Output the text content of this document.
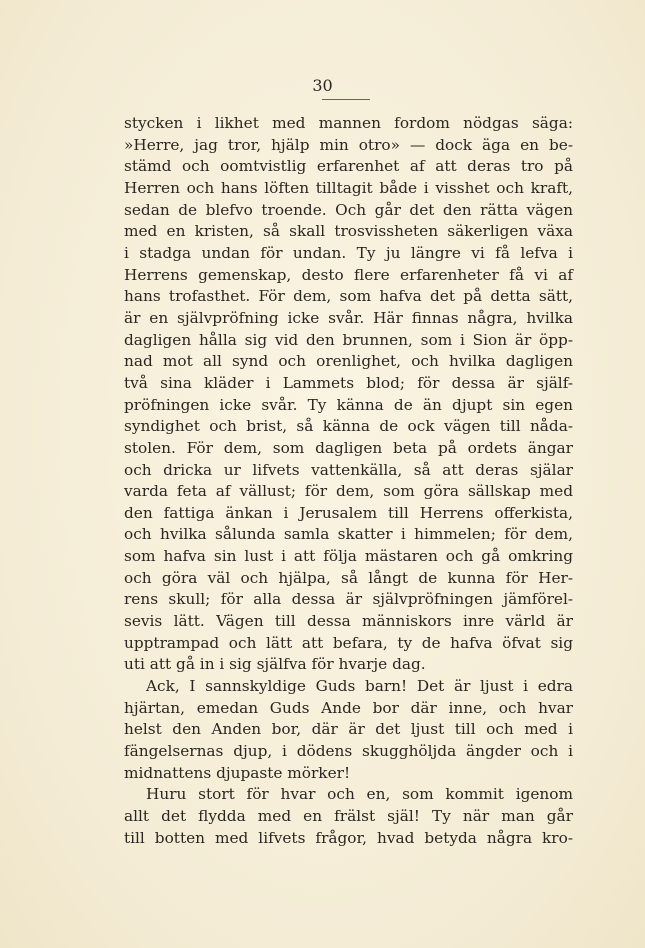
30
stycken i likhet med mannen fordom nödgas säga:
»Herre, jag tror, hjälp min otro» — dock äga en be-
stämd och oomtvistlig erfarenhet af att deras tro på
Herren och hans löften tilltagit både i visshet och kraft,
sedan de blefvo troende. Och går det den rätta vägen
med en kristen, så skall trosvissheten säkerligen växa
i stadga undan för undan. Ty ju längre vi få lefva i
Herrens gemenskap, desto flere erfarenheter få vi af
hans trofasthet. För dem, som hafva det på detta sätt,
är en självpröfning icke svår. Här finnas några, hvilka
dagligen hålla sig vid den brunnen, som i Sion är öpp-
nad mot all synd och orenlighet, och hvilka dagligen
två sina kläder i Lammets blod; för dessa är själf-
pröfningen icke svår. Ty känna de än djupt sin egen
syndighet och brist, så känna de ock vägen till nåda-
stolen. För dem, som dagligen beta på ordets ängar
och dricka ur lifvets vattenkälla, så att deras själar
varda feta af vällust; för dem, som göra sällskap med
den fattiga änkan i Jerusalem till Herrens offerkista,
och hvilka sålunda samla skatter i himmelen; för dem,
som hafva sin lust i att följa mästaren och gå omkring
och göra väl och hjälpa, så långt de kunna för Her-
rens skull; för alla dessa är självpröfningen jämförel-
sevis lätt. Vägen till dessa människors inre värld är
upptrampad och lätt att befara, ty de hafva öfvat sig
uti att gå in i sig själfva för hvarje dag.
Ack, I sannskyldige Guds barn! Det är ljust i edra
hjärtan, emedan Guds Ande bor där inne, och hvar
helst den Anden bor, där är det ljust till och med i
fängelsernas djup, i dödens skugghöljda ängder och i
midnattens djupaste mörker!
Huru stort för hvar och en, som kommit igenom
allt det flydda med en frälst själ! Ty när man går
till botten med lifvets frågor, hvad betyda några kro-
